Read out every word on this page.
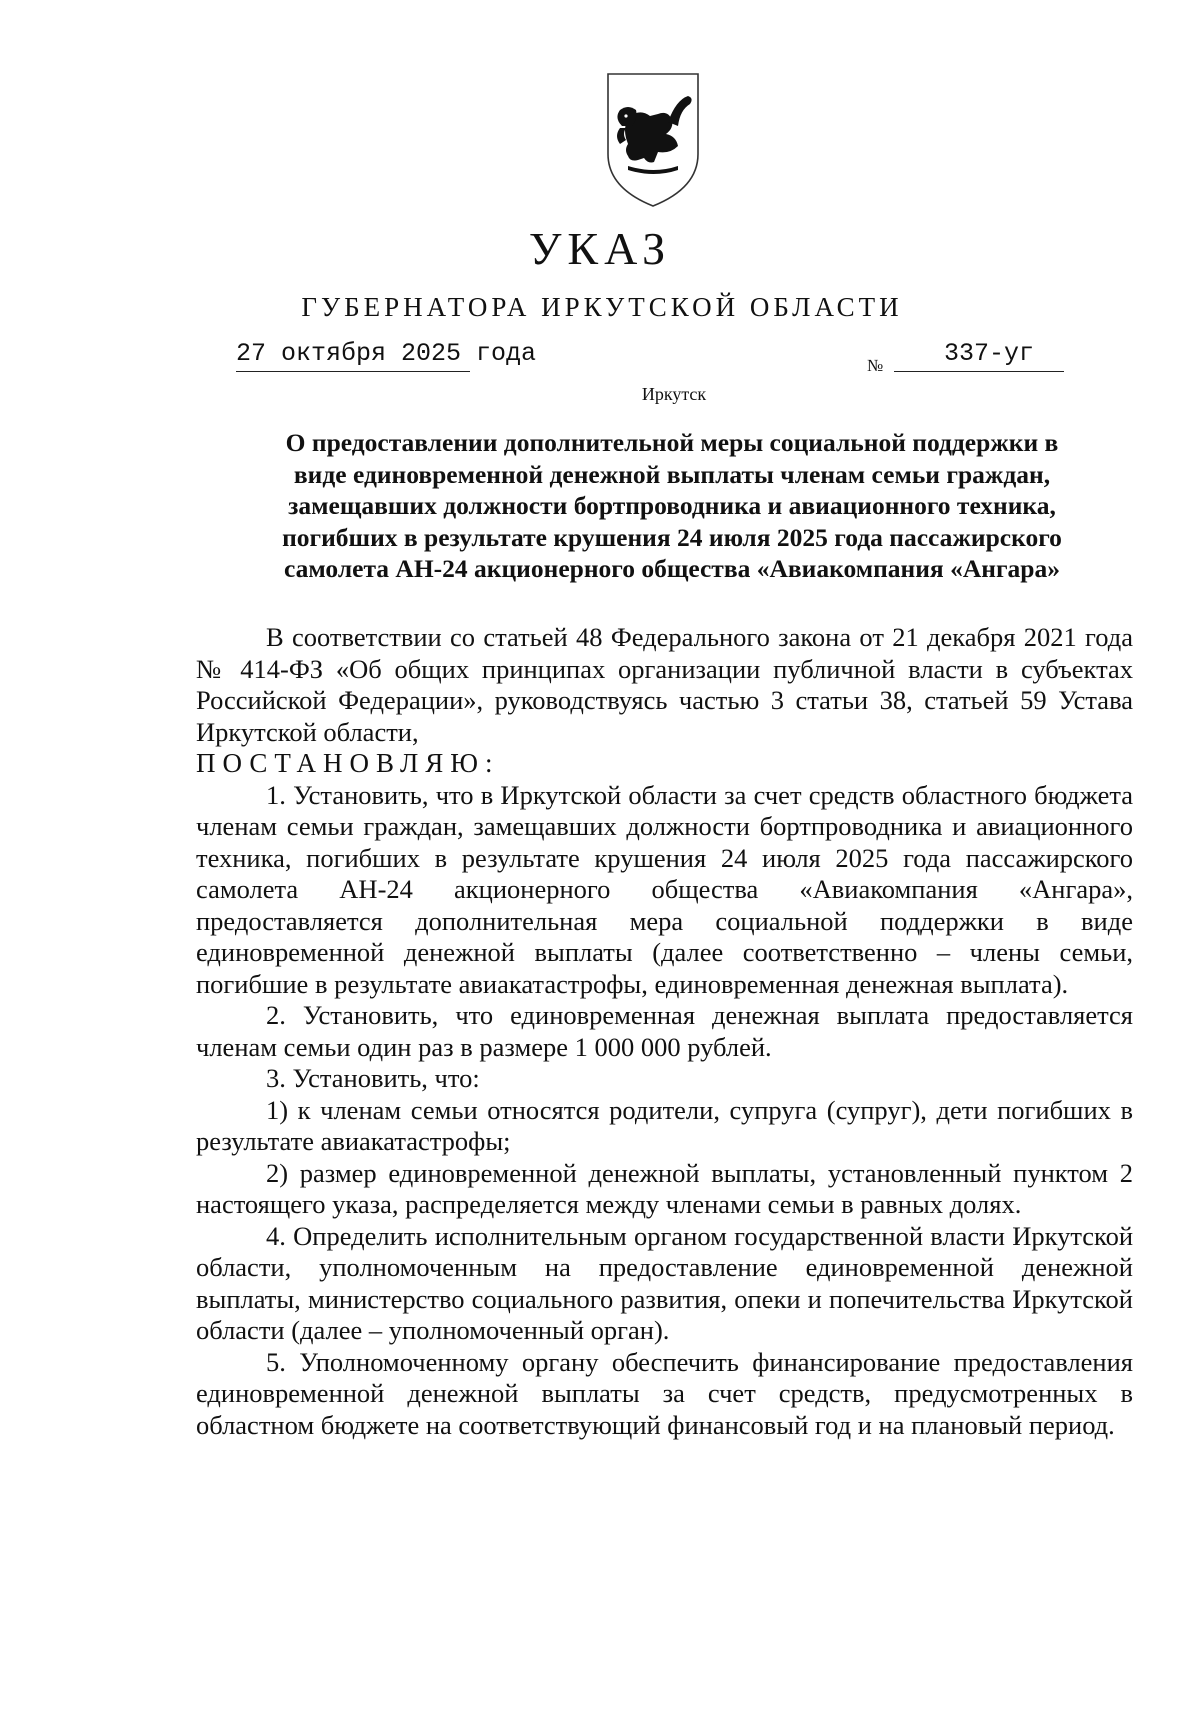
УКАЗ
ГУБЕРНАТОРА ИРКУТСКОЙ ОБЛАСТИ
27 октября 2025 года	№ 337-уг
Иркутск
О предоставлении дополнительной меры социальной поддержки в
виде единовременной денежной выплаты членам семьи граждан,
замещавших должности бортпроводника и авиационного техника,
погибших в результате крушения 24 июля 2025 года пассажирского
самолета АН-24 акционерного общества «Авиакомпания «Ангара»

В соответствии со статьей 48 Федерального закона от 21 декабря 2021 года № 414-ФЗ «Об общих принципах организации публичной власти в субъектах Российской Федерации», руководствуясь частью 3 статьи 38, статьей 59 Устава Иркутской области,

ПОСТАНОВЛЯЮ:

1. Установить, что в Иркутской области за счет средств областного бюджета членам семьи граждан, замещавших должности бортпроводника и авиационного техника, погибших в результате крушения 24 июля 2025 года пассажирского самолета АН-24 акционерного общества «Авиакомпания «Ангара», предоставляется дополнительная мера социальной поддержки в виде единовременной денежной выплаты (далее соответственно – члены семьи, погибшие в результате авиакатастрофы, единовременная денежная выплата).

2. Установить, что единовременная денежная выплата предоставляется членам семьи один раз в размере 1 000 000 рублей.

3. Установить, что:

1) к членам семьи относятся родители, супруга (супруг), дети погибших в результате авиакатастрофы;

2) размер единовременной денежной выплаты, установленный пунктом 2 настоящего указа, распределяется между членами семьи в равных долях.

4. Определить исполнительным органом государственной власти Иркутской области, уполномоченным на предоставление единовременной денежной выплаты, министерство социального развития, опеки и попечительства Иркутской области (далее – уполномоченный орган).

5. Уполномоченному органу обеспечить финансирование предоставления единовременной денежной выплаты за счет средств, предусмотренных в областном бюджете на соответствующий финансовый год и на плановый период.
